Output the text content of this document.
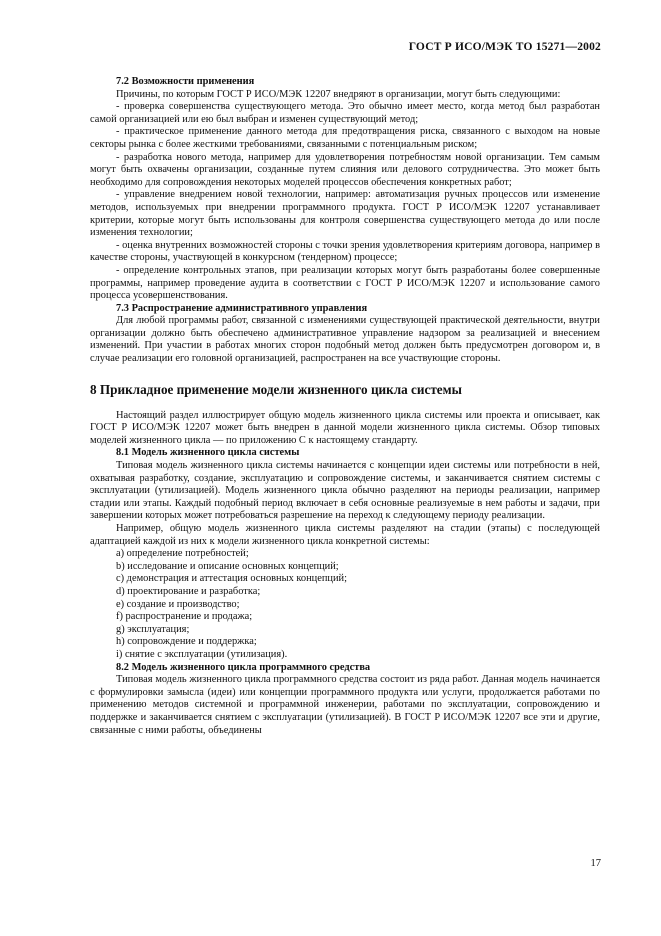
ГОСТ Р ИСО/МЭК ТО 15271—2002

7.2 Возможности применения

Причины, по которым ГОСТ Р ИСО/МЭК 12207 внедряют в организации, могут быть следующими:

- проверка совершенства существующего метода. Это обычно имеет место, когда метод был разработан самой организацией или ею был выбран и изменен существующий метод;

- практическое применение данного метода для предотвращения риска, связанного с выходом на новые секторы рынка с более жесткими требованиями, связанными с потенциальным риском;

- разработка нового метода, например для удовлетворения потребностям новой организации. Тем самым могут быть охвачены организации, созданные путем слияния или делового сотрудничества. Это может быть необходимо для сопровождения некоторых моделей процессов обеспечения конкретных работ;

- управление внедрением новой технологии, например: автоматизация ручных процессов или изменение методов, используемых при внедрении программного продукта. ГОСТ Р ИСО/МЭК 12207 устанавливает критерии, которые могут быть использованы для контроля совершенства существующего метода до или после изменения технологии;

- оценка внутренних возможностей стороны с точки зрения удовлетворения критериям договора, например в качестве стороны, участвующей в конкурсном (тендерном) процессе;

- определение контрольных этапов, при реализации которых могут быть разработаны более совершенные программы, например проведение аудита в соответствии с ГОСТ Р ИСО/МЭК 12207 и использование самого процесса усовершенствования.

7.3 Распространение административного управления

Для любой программы работ, связанной с изменениями существующей практической деятельности, внутри организации должно быть обеспечено административное управление надзором за реализацией и внесением изменений. При участии в работах многих сторон подобный метод должен быть предусмотрен договором и, в случае реализации его головной организацией, распространен на все участвующие стороны.

8 Прикладное применение модели жизненного цикла системы

Настоящий раздел иллюстрирует общую модель жизненного цикла системы или проекта и описывает, как ГОСТ Р ИСО/МЭК 12207 может быть внедрен в данной модели жизненного цикла системы. Обзор типовых моделей жизненного цикла — по приложению С к настоящему стандарту.

8.1 Модель жизненного цикла системы

Типовая модель жизненного цикла системы начинается с концепции идеи системы или потребности в ней, охватывая разработку, создание, эксплуатацию и сопровождение системы, и заканчивается снятием системы с эксплуатации (утилизацией). Модель жизненного цикла обычно разделяют на периоды реализации, например стадии или этапы. Каждый подобный период включает в себя основные реализуемые в нем работы и задачи, при завершении которых может потребоваться разрешение на переход к следующему периоду реализации.

Например, общую модель жизненного цикла системы разделяют на стадии (этапы) с последующей адаптацией каждой из них к модели жизненного цикла конкретной системы:

a) определение потребностей;
b) исследование и описание основных концепций;
c) демонстрация и аттестация основных концепций;
d) проектирование и разработка;
e) создание и производство;
f) распространение и продажа;
g) эксплуатация;
h) сопровождение и поддержка;
i) снятие с эксплуатации (утилизация).

8.2 Модель жизненного цикла программного средства

Типовая модель жизненного цикла программного средства состоит из ряда работ. Данная модель начинается с формулировки замысла (идеи) или концепции программного продукта или услуги, продолжается работами по применению методов системной и программной инженерии, работами по эксплуатации, сопровождению и поддержке и заканчивается снятием с эксплуатации (утилизацией). В ГОСТ Р ИСО/МЭК 12207 все эти и другие, связанные с ними работы, объединены

17
